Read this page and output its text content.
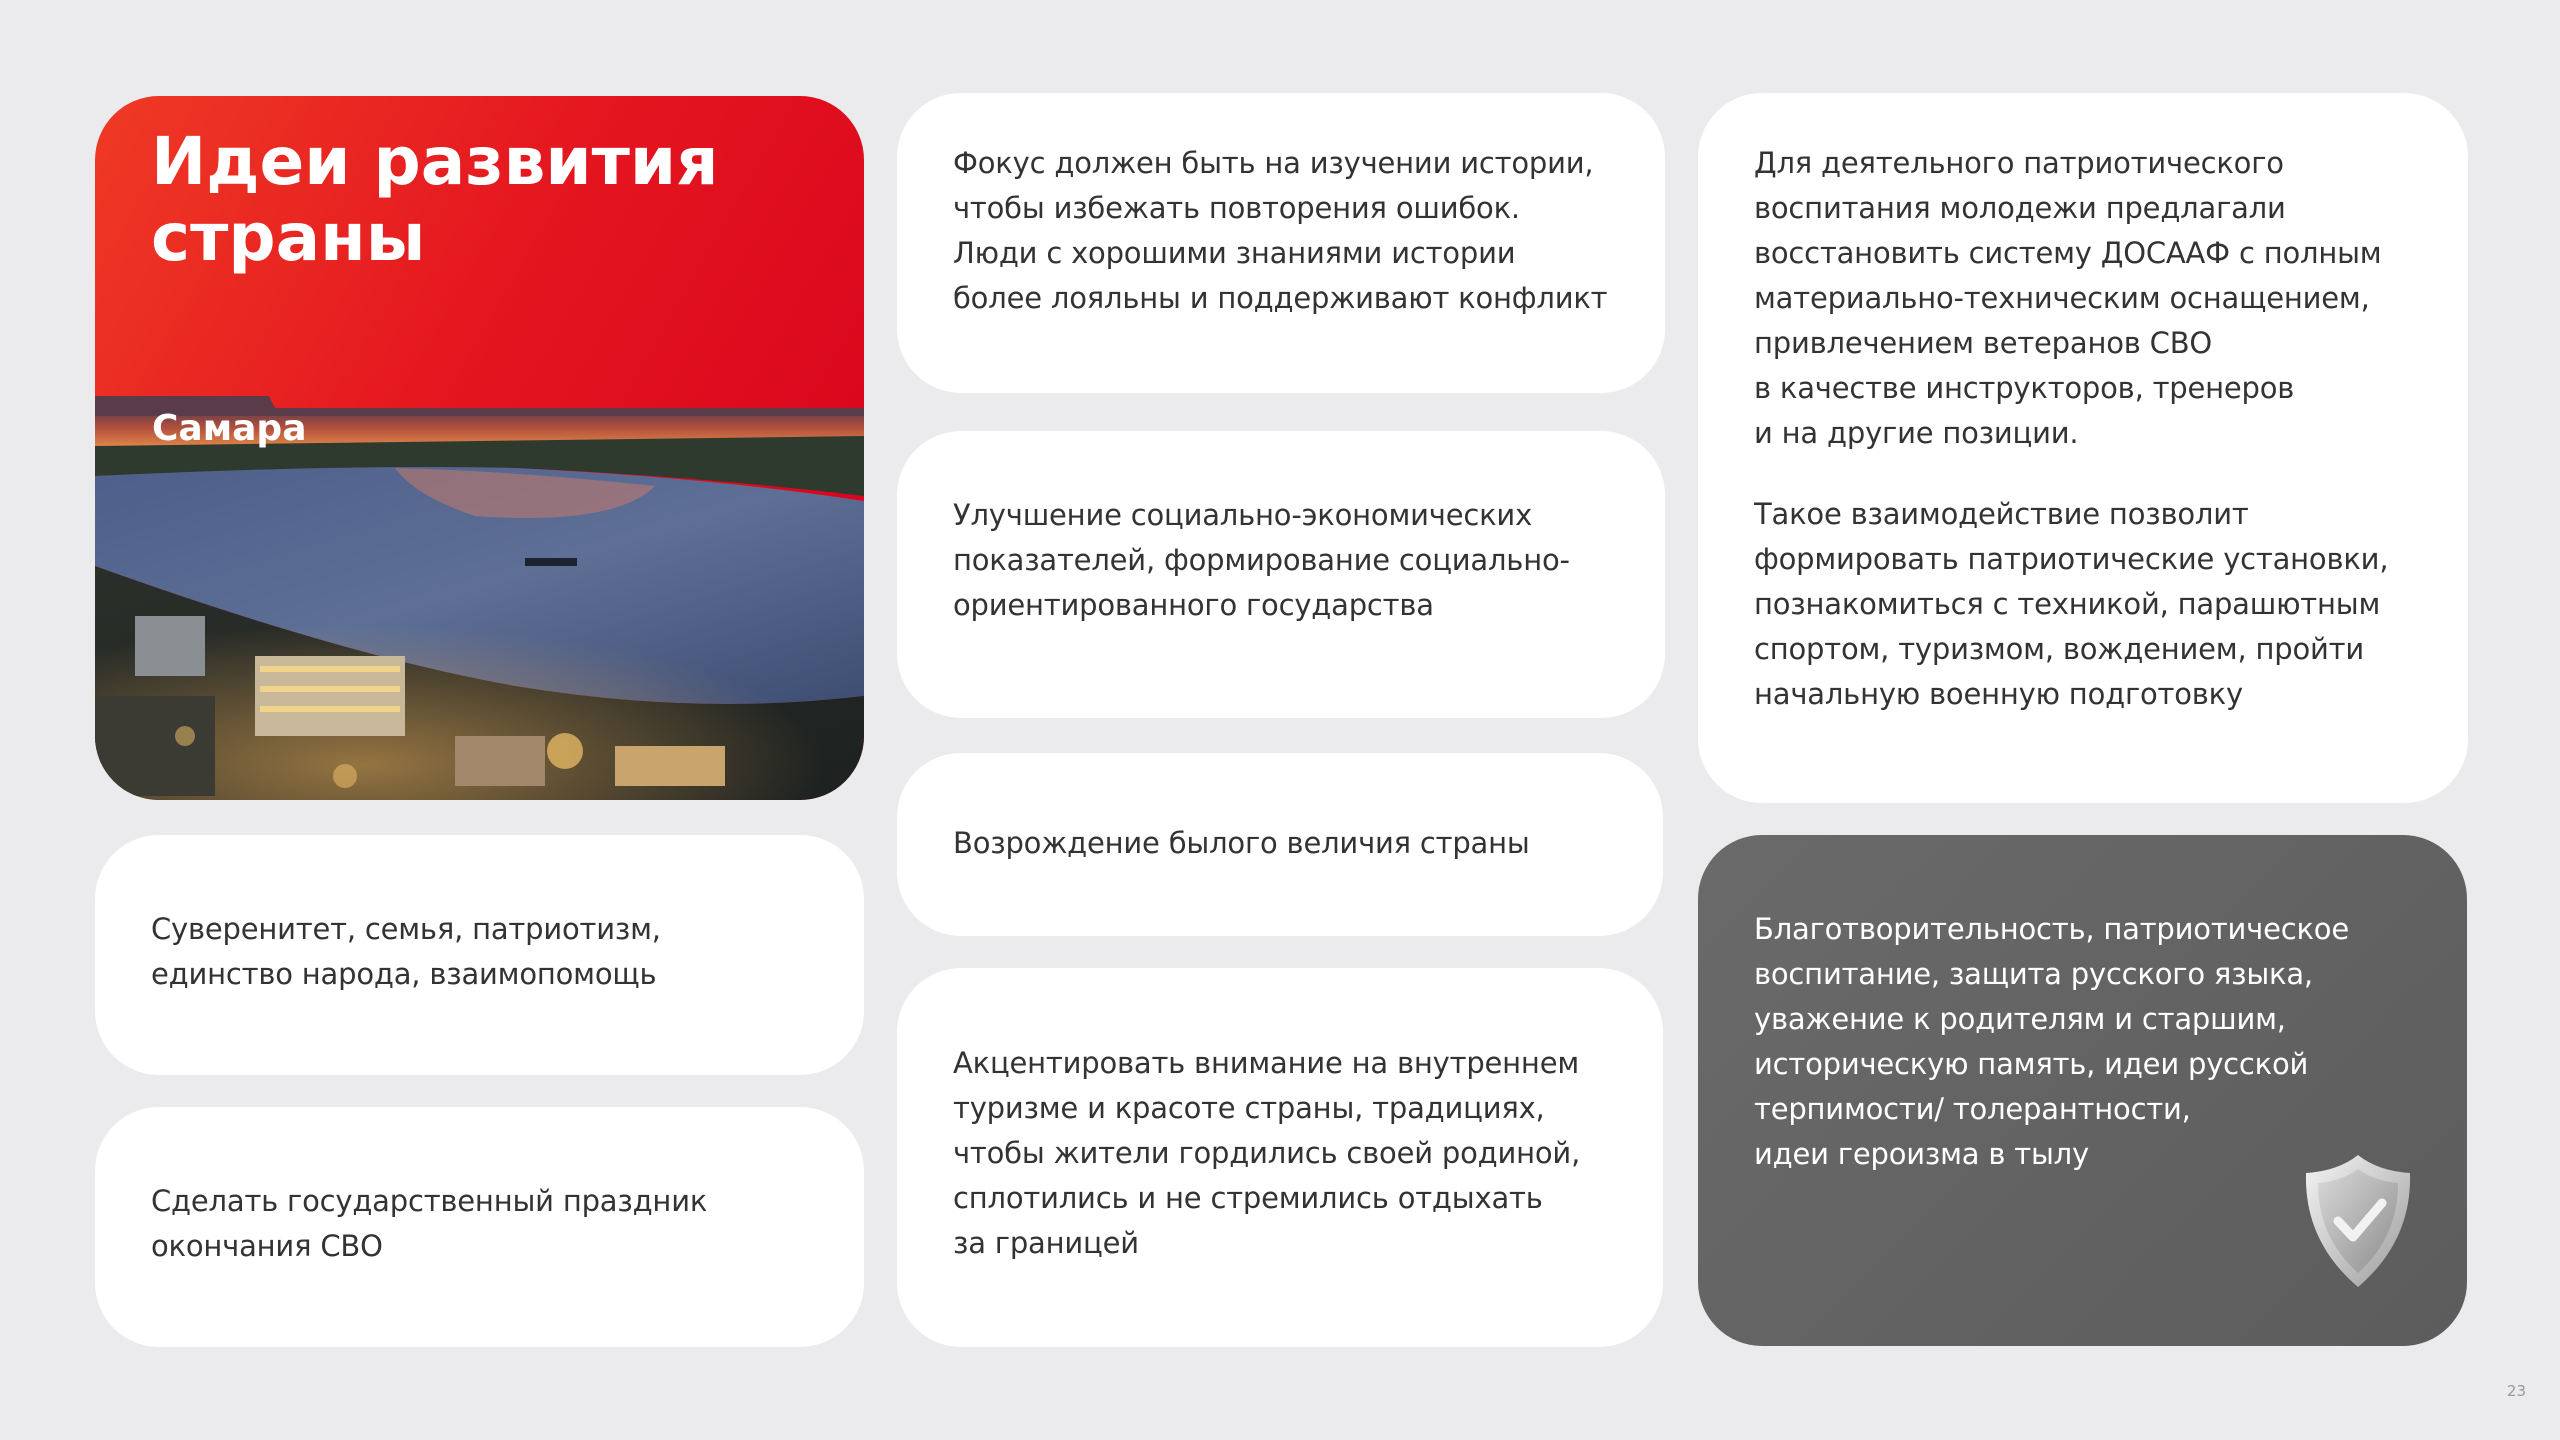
Идеи развития страны

Самара

Фокус должен быть на изучении истории,
чтобы избежать повторения ошибок.
Люди с хорошими знаниями истории
более лояльны и поддерживают конфликт

Улучшение социально-экономических
показателей, формирование социально-
ориентированного государства

Возрождение былого величия страны

Акцентировать внимание на внутреннем
туризме и красоте страны, традициях,
чтобы жители гордились своей родиной,
сплотились и не стремились отдыхать
за границей

Суверенитет, семья, патриотизм,
единство народа, взаимопомощь

Сделать государственный праздник
окончания СВО

Для деятельного патриотического
воспитания молодежи предлагали
восстановить систему ДОСААФ с полным
материально-техническим оснащением,
привлечением ветеранов СВО
в качестве инструкторов, тренеров
и на другие позиции.

Такое взаимодействие позволит
формировать патриотические установки,
познакомиться с техникой, парашютным
спортом, туризмом, вождением, пройти
начальную военную подготовку

Благотворительность, патриотическое
воспитание, защита русского языка,
уважение к родителям и старшим,
историческую память, идеи русской
терпимости/ толерантности,
идеи героизма в тылу

23
